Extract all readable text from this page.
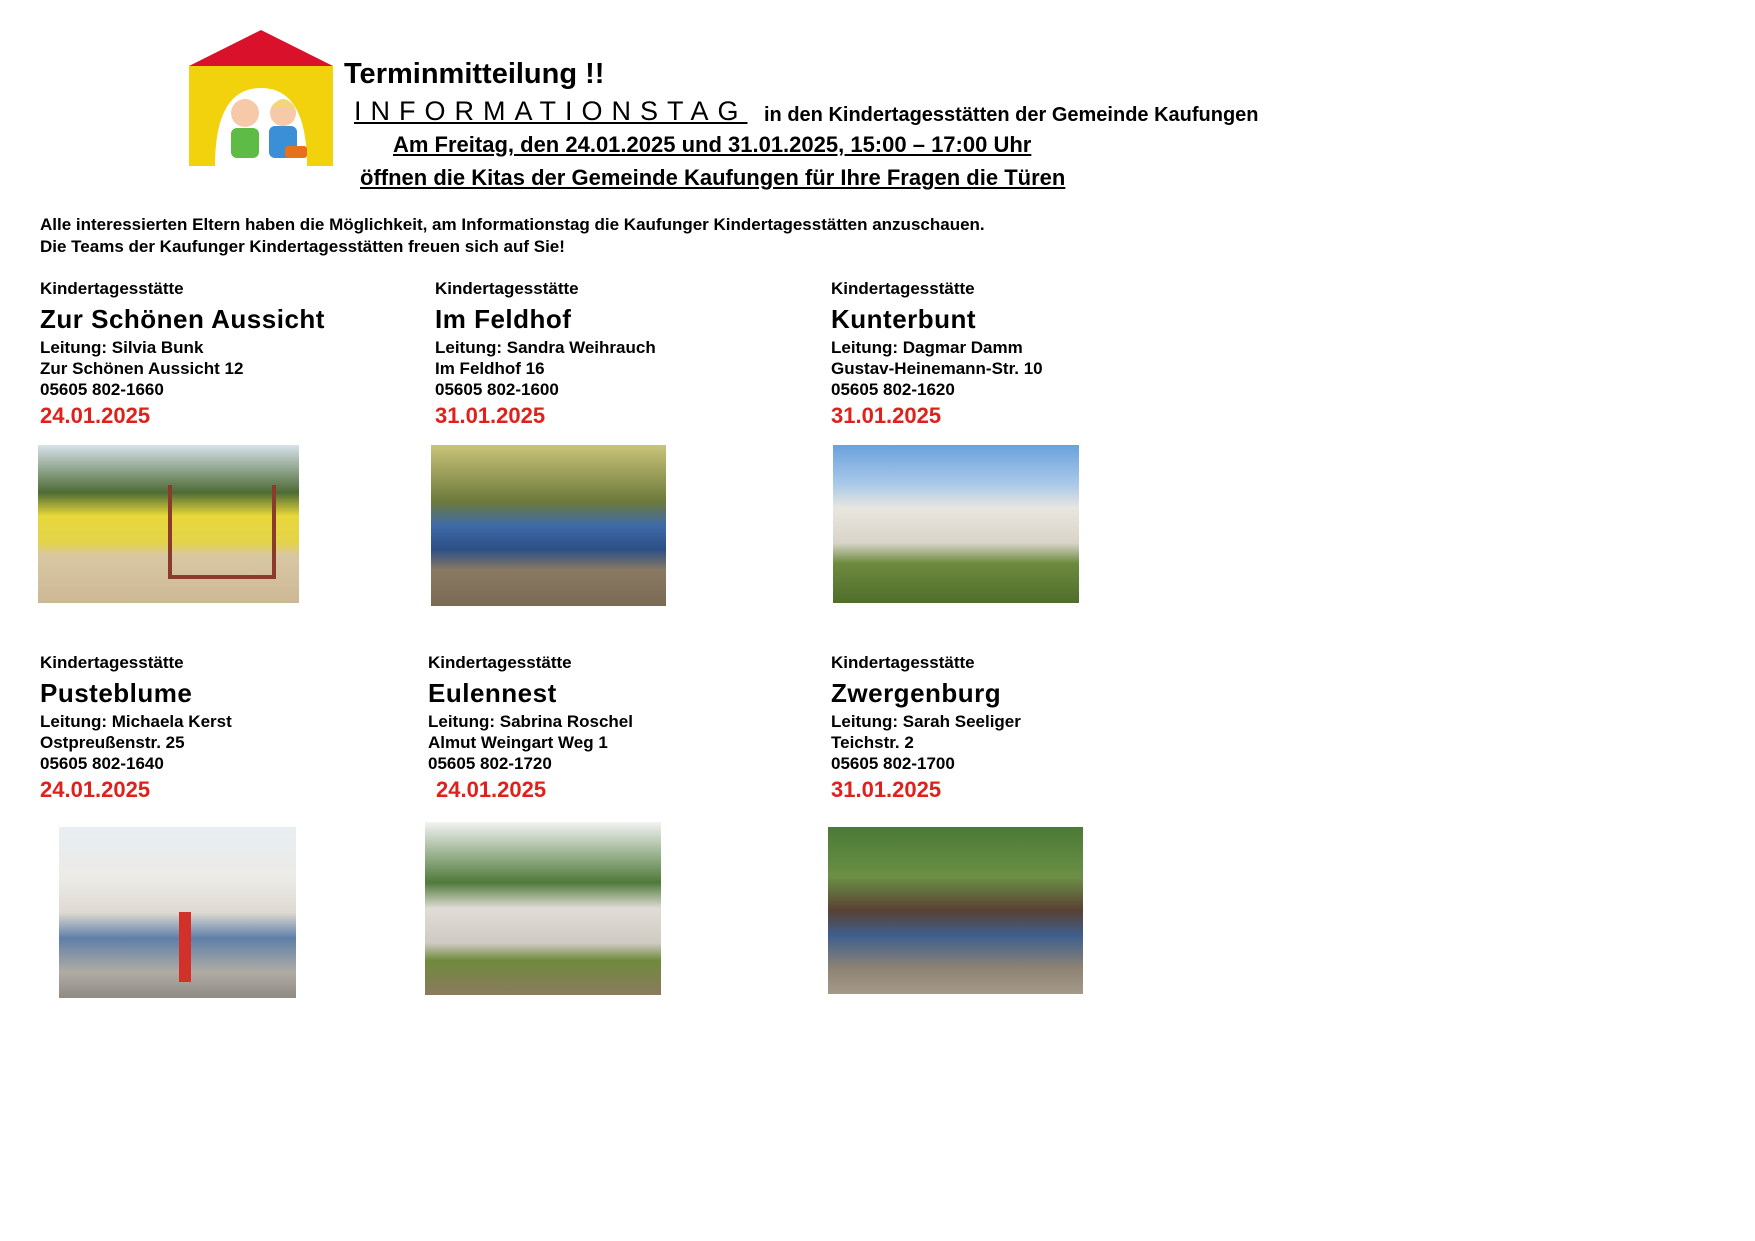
Terminmitteilung !!
INFORMATIONSTAG in den Kindertagesstätten der Gemeinde Kaufungen
Am Freitag, den 24.01.2025 und 31.01.2025, 15:00 – 17:00 Uhr
öffnen die Kitas der Gemeinde Kaufungen für Ihre Fragen die Türen
Alle interessierten Eltern haben die Möglichkeit, am Informationstag die Kaufunger Kindertagesstätten anzuschauen.
Die Teams der Kaufunger Kindertagesstätten freuen sich auf Sie!
Kindertagesstätte
Zur Schönen Aussicht
Leitung: Silvia Bunk
Zur Schönen Aussicht 12
05605 802-1660
24.01.2025
Kindertagesstätte
Im Feldhof
Leitung: Sandra Weihrauch
Im Feldhof 16
05605 802-1600
31.01.2025
Kindertagesstätte
Kunterbunt
Leitung: Dagmar Damm
Gustav-Heinemann-Str. 10
05605 802-1620
31.01.2025
Kindertagesstätte
Pusteblume
Leitung: Michaela Kerst
Ostpreußenstr. 25
05605 802-1640
24.01.2025
Kindertagesstätte
Eulennest
Leitung: Sabrina Roschel
Almut Weingart Weg 1
05605 802-1720
24.01.2025
Kindertagesstätte
Zwergenburg
Leitung: Sarah Seeliger
Teichstr. 2
05605 802-1700
31.01.2025
